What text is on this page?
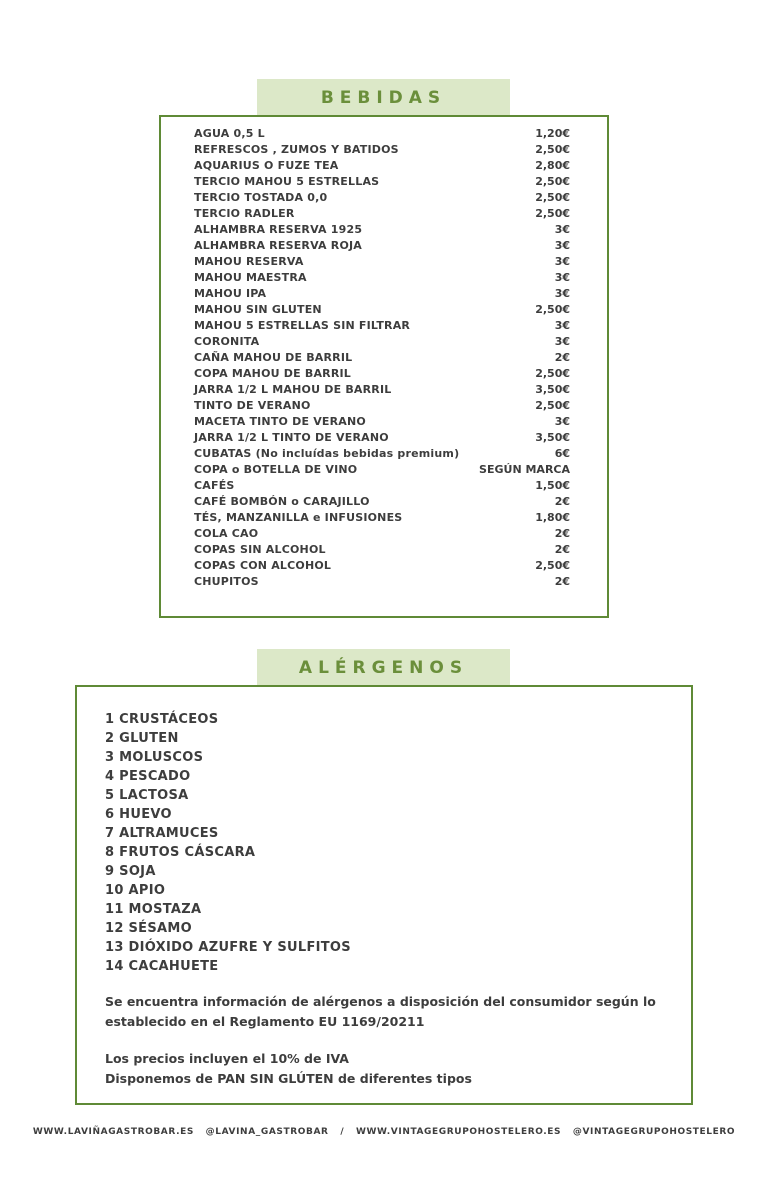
BEBIDAS
AGUA 0,5 L	1,20€
REFRESCOS , ZUMOS Y BATIDOS	2,50€
AQUARIUS O FUZE TEA	2,80€
TERCIO MAHOU 5 ESTRELLAS	2,50€
TERCIO TOSTADA 0,0	2,50€
TERCIO RADLER	2,50€
ALHAMBRA RESERVA 1925	3€
ALHAMBRA RESERVA ROJA	3€
MAHOU RESERVA	3€
MAHOU MAESTRA	3€
MAHOU IPA	3€
MAHOU SIN GLUTEN	2,50€
MAHOU 5 ESTRELLAS SIN FILTRAR	3€
CORONITA	3€
CAÑA MAHOU DE BARRIL	2€
COPA MAHOU DE BARRIL	2,50€
JARRA 1/2 L MAHOU DE BARRIL	3,50€
TINTO DE VERANO	2,50€
MACETA TINTO DE VERANO	3€
JARRA 1/2 L TINTO DE VERANO	3,50€
CUBATAS (No incluídas bebidas premium)	6€
COPA o BOTELLA DE VINO	SEGÚN MARCA
CAFÉS	1,50€
CAFÉ BOMBÓN o CARAJILLO	2€
TÉS, MANZANILLA e INFUSIONES	1,80€
COLA CAO	2€
COPAS SIN ALCOHOL	2€
COPAS CON ALCOHOL	2,50€
CHUPITOS	2€
ALÉRGENOS
1 CRUSTÁCEOS
2 GLUTEN
3 MOLUSCOS
4 PESCADO
5 LACTOSA
6 HUEVO
7 ALTRAMUCES
8 FRUTOS CÁSCARA
9 SOJA
10 APIO
11 MOSTAZA
12 SÉSAMO
13 DIÓXIDO AZUFRE Y SULFITOS
14 CACAHUETE

Se encuentra información de alérgenos a disposición del consumidor según lo

establecido en el Reglamento EU 1169/20211

Los precios incluyen el 10% de IVA

Disponemos de PAN SIN GLÚTEN de diferentes tipos

WWW.LAVIÑAGASTROBAR.ES @LAVINA_GASTROBAR / WWW.VINTAGEGRUPOHOSTELERO.ES @VINTAGEGRUPOHOSTELERO
